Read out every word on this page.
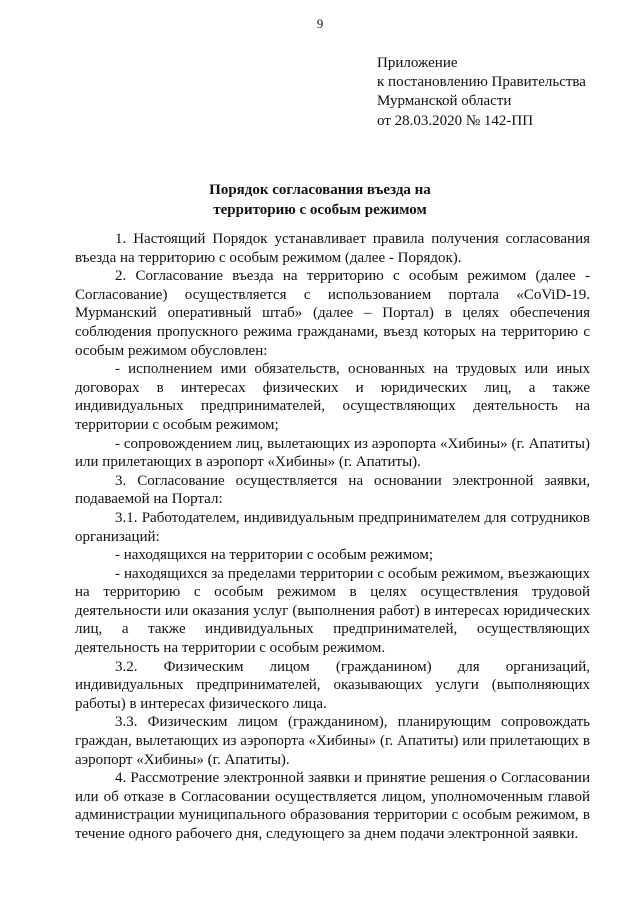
9
Приложение
к постановлению Правительства
Мурманской области
от 28.03.2020 № 142-ПП
Порядок согласования въезда на
территорию с особым режимом

1. Настоящий Порядок устанавливает правила получения согласования въезда на территорию с особым режимом (далее - Порядок).

2. Согласование въезда на территорию с особым режимом (далее - Согласование) осуществляется с использованием портала «CoViD-19. Мурманский оперативный штаб» (далее – Портал) в целях обеспечения соблюдения пропускного режима гражданами, въезд которых на территорию с особым режимом обусловлен:

- исполнением ими обязательств, основанных на трудовых или иных договорах в интересах физических и юридических лиц, а также индивидуальных предпринимателей, осуществляющих деятельность на территории с особым режимом;

- сопровождением лиц, вылетающих из аэропорта «Хибины» (г. Апатиты) или прилетающих в аэропорт «Хибины» (г. Апатиты).

3. Согласование осуществляется на основании электронной заявки, подаваемой на Портал:

3.1. Работодателем, индивидуальным предпринимателем для сотрудников организаций:

- находящихся на территории с особым режимом;

- находящихся за пределами территории с особым режимом, въезжающих на территорию с особым режимом в целях осуществления трудовой деятельности или оказания услуг (выполнения работ) в интересах юридических лиц, а также индивидуальных предпринимателей, осуществляющих деятельность на территории с особым режимом.

3.2. Физическим лицом (гражданином) для организаций, индивидуальных предпринимателей, оказывающих услуги (выполняющих работы) в интересах физического лица.

3.3. Физическим лицом (гражданином), планирующим сопровождать граждан, вылетающих из аэропорта «Хибины» (г. Апатиты) или прилетающих в аэропорт «Хибины» (г. Апатиты).

4. Рассмотрение электронной заявки и принятие решения о Согласовании или об отказе в Согласовании осуществляется лицом, уполномоченным главой администрации муниципального образования территории с особым режимом, в течение одного рабочего дня, следующего за днем подачи электронной заявки.
